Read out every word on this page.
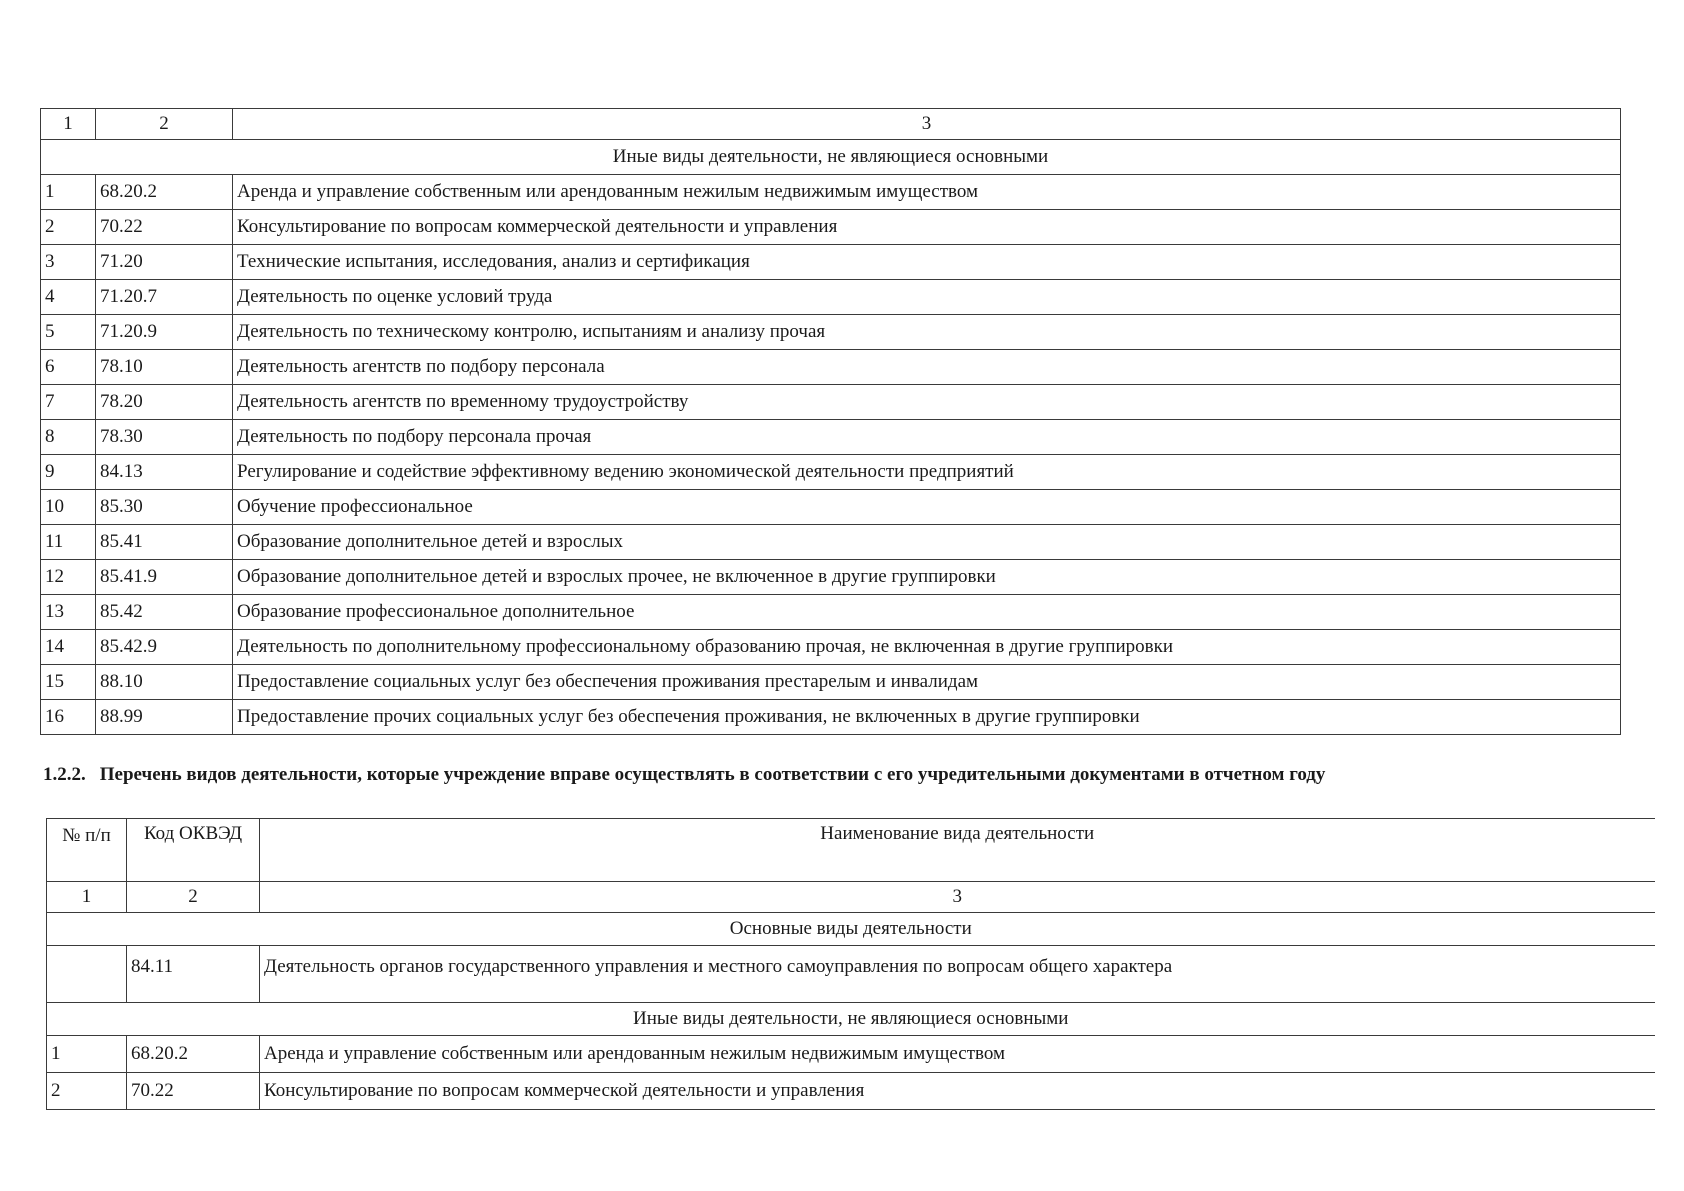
1	2	3
Иные виды деятельности, не являющиеся основными		
1	68.20.2	Аренда и управление собственным или арендованным нежилым недвижимым имуществом
2	70.22	Консультирование по вопросам коммерческой деятельности и управления
3	71.20	Технические испытания, исследования, анализ и сертификация
4	71.20.7	Деятельность по оценке условий труда
5	71.20.9	Деятельность по техническому контролю, испытаниям и анализу прочая
6	78.10	Деятельность агентств по подбору персонала
7	78.20	Деятельность агентств по временному трудоустройству
8	78.30	Деятельность по подбору персонала прочая
9	84.13	Регулирование и содействие эффективному ведению экономической деятельности предприятий
10	85.30	Обучение профессиональное
11	85.41	Образование дополнительное детей и взрослых
12	85.41.9	Образование дополнительное детей и взрослых прочее, не включенное в другие группировки
13	85.42	Образование профессиональное дополнительное
14	85.42.9	Деятельность по дополнительному профессиональному образованию прочая, не включенная в другие группировки
15	88.10	Предоставление социальных услуг без обеспечения проживания престарелым и инвалидам
16	88.99	Предоставление прочих социальных услуг без обеспечения проживания, не включенных в другие группировки
1.2.2. Перечень видов деятельности, которые учреждение вправе осуществлять в соответствии с его учредительными документами в отчетном году
№ п/п	Код ОКВЭД	Наименование вида деятельности
1	2	3
Основные виды деятельности		
	84.11	Деятельность органов государственного управления и местного самоуправления по вопросам общего характера
Иные виды деятельности, не являющиеся основными		
1	68.20.2	Аренда и управление собственным или арендованным нежилым недвижимым имуществом
2	70.22	Консультирование по вопросам коммерческой деятельности и управления
